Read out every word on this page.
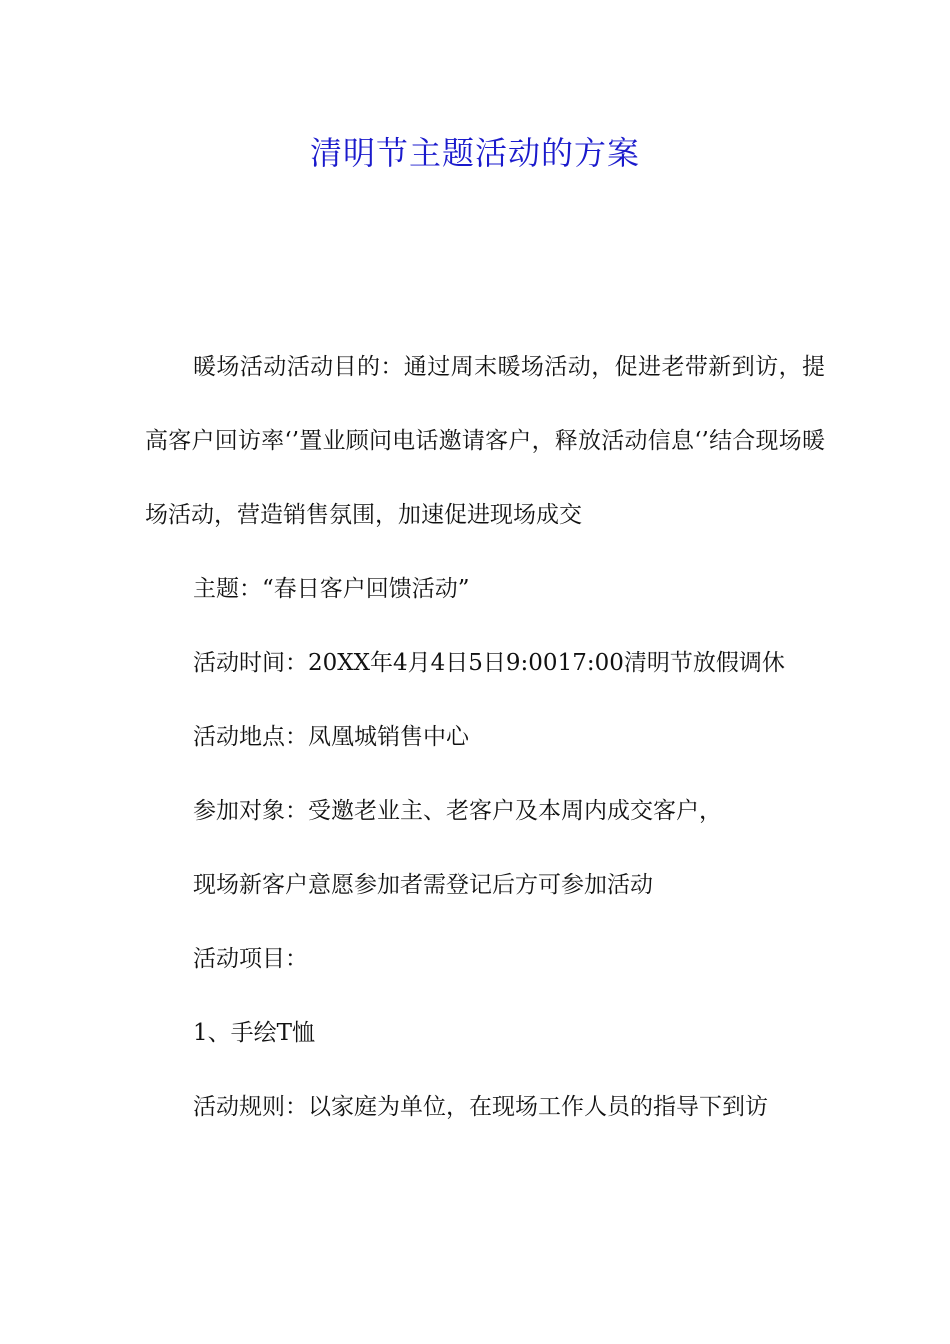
清明节主题活动的方案

暖场活动活动目的：通过周末暖场活动，促进老带新到访，提高客户回访率‘’置业顾问电话邀请客户，释放活动信息‘’结合现场暖场活动，营造销售氛围，加速促进现场成交

主题：“春日客户回馈活动”

活动时间：20XX年4月4日5日9:0017:00清明节放假调休

活动地点：凤凰城销售中心

参加对象：受邀老业主、老客户及本周内成交客户，

现场新客户意愿参加者需登记后方可参加活动

活动项目：

1、手绘T恤

活动规则：以家庭为单位，在现场工作人员的指导下到访
